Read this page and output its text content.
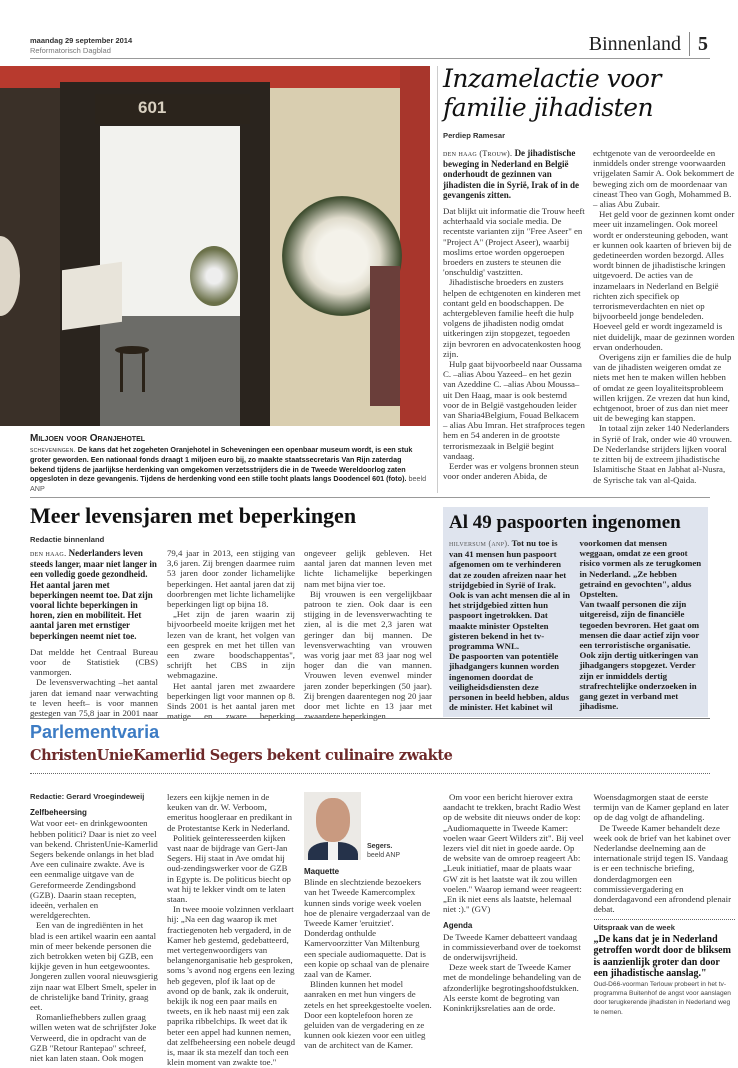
maandag 29 september 2014
Reformatorisch Dagblad	Binnenland 5
601
Miljoen voor Oranjehotel
scheveningen. De kans dat het zogeheten Oranjehotel in Scheveningen een openbaar museum wordt, is een stuk groter geworden. Een nationaal fonds draagt 1 miljoen euro bij, zo maakte staatssecretaris Van Rijn zaterdag bekend tijdens de jaarlijkse herdenking van omgekomen verzetsstrijders die in de Tweede Wereldoorlog zaten opgesloten in deze gevangenis. Tijdens de herdenking vond een stille tocht plaats langs Doodencel 601 (foto). beeld ANP
Inzamelactie voor familie jihadisten
Perdiep Ramesar

den haag (Trouw). De jihadistische beweging in Nederland en België onderhoudt de gezinnen van jihadisten die in Syrië, Irak of in de gevangenis zitten.

Dat blijkt uit informatie die Trouw heeft achterhaald via sociale media. De recentste varianten zijn "Free Aseer" en "Project A" (Project Aseer), waarbij moslims ertoe worden opgeroepen broeders en zusters te steunen die 'onschuldig' vastzitten.

Jihadistische broeders en zusters helpen de echtgenoten en kinderen met contant geld en boodschappen. De achtergebleven familie heeft die hulp volgens de jihadisten nodig omdat uitkeringen zijn stopgezet, tegoeden zijn bevroren en advocatenkosten hoog zijn.

Hulp gaat bijvoorbeeld naar Oussama C. –alias Abou Yazeed– en het gezin van Azeddine C. –alias Abou Moussa– uit Den Haag, maar is ook bestemd voor de in België vastgehouden leider van Sharia4Belgium, Fouad Belkacem – alias Abu Imran. Het strafproces tegen hem en 54 anderen in de grootste terrorismezaak in België begint vandaag.

Eerder was er volgens bronnen steun voor onder anderen Abida, de echtgenote van de veroordeelde en inmiddels onder strenge voorwaarden vrijgelaten Samir A. Ook bekommert de beweging zich om de moordenaar van cineast Theo van Gogh, Mohammed B. – alias Abu Zubair.

Het geld voor de gezinnen komt onder meer uit inzamelingen. Ook moreel wordt er ondersteuning geboden, want er kunnen ook kaarten of brieven bij de gedetineerden worden bezorgd. Alles wordt binnen de jihadistische kringen uitgevoerd. De acties van de inzamelaars in Nederland en België richten zich specifiek op terrorismeverdachten en niet op bijvoorbeeld jonge bendeleden. Hoeveel geld er wordt ingezameld is niet duidelijk, maar de gezinnen worden ervan onderhouden.

Overigens zijn er families die de hulp van de jihadisten weigeren omdat ze niets met hen te maken willen hebben of omdat ze geen loyaliteitsprobleem willen krijgen. Ze vrezen dat hun kind, echtgenoot, broer of zus dan niet meer uit de beweging kan stappen.

In totaal zijn zeker 140 Nederlanders in Syrië of Irak, onder wie 40 vrouwen. De Nederlandse strijders lijken vooral te zitten bij de extreem jihadistische Islamitische Staat en Jabhat al-Nusra, de Syrische tak van al-Qaida.

Meer levensjaren met beperkingen
Redactie binnenland

den haag. Nederlanders leven steeds langer, maar niet langer in een volledig goede gezondheid. Het aantal jaren met beperkingen neemt toe. Dat zijn vooral lichte beperkingen in horen, zien en mobiliteit. Het aantal jaren met ernstiger beperkingen neemt niet toe.

Dat meldde het Centraal Bureau voor de Statistiek (CBS) vanmorgen.

De levensverwachting –het aantal jaren dat iemand naar verwachting te leven heeft– is voor mannen gestegen van 75,8 jaar in 2001 naar 79,4 jaar in 2013, een stijging van 3,6 jaren. Zij brengen daarmee ruim 53 jaren door zonder lichamelijke beperkingen. Het aantal jaren dat zij doorbrengen met lichte lichamelijke beperkingen ligt op bijna 18.

„Het zijn de jaren waarin zij bijvoorbeeld moeite krijgen met het lezen van de krant, het volgen van een gesprek en met het tillen van een zware boodschappentas", schrijft het CBS in zijn webmagazine.

Het aantal jaren met zwaardere beperkingen ligt voor mannen op 8. Sinds 2001 is het aantal jaren met matige en zware beperking ongeveer gelijk gebleven. Het aantal jaren dat mannen leven met lichte lichamelijke beperkingen nam met bijna vier toe.

Bij vrouwen is een vergelijkbaar patroon te zien. Ook daar is een stijging in de levensverwachting te zien, al is die met 2,3 jaren wat geringer dan bij mannen. De levensverwachting van vrouwen was vorig jaar met 83 jaar nog wel hoger dan die van mannen. Vrouwen leven evenwel minder jaren zonder beperkingen (50 jaar). Zij brengen daarentegen nog 20 jaar door met lichte en 13 jaar met zwaardere beperkingen.

Al 49 paspoorten ingenomen

hilversum (anp). Tot nu toe is van 41 mensen hun paspoort afgenomen om te verhinderen dat ze zouden afreizen naar het strijdgebied in Syrië of Irak. Ook is van acht mensen die al in het strijdgebied zitten hun paspoort ingetrokken. Dat maakte minister Opstelten gisteren bekend in het tv-programma WNL.

De paspoorten van potentiële jihadgangers kunnen worden ingenomen doordat de veiligheidsdiensten deze personen in beeld hebben, aldus de minister. Het kabinet wil voorkomen dat mensen weggaan, omdat ze een groot risico vormen als ze terugkomen in Nederland. „Ze hebben getraind en gevochten", aldus Opstelten.

Van twaalf personen die zijn uitgereisd, zijn de financiële tegoeden bevroren. Het gaat om mensen die daar actief zijn voor een terroristische organisatie. Ook zijn dertig uitkeringen van jihadgangers stopgezet. Verder zijn er inmiddels dertig strafrechtelijke onderzoeken in gang gezet in verband met jihadisme.

Parlementvaria
ChristenUnieKamerlid Segers bekent culinaire zwakte
Redactie: Gerard Vroegindeweij
Zelfbeheersing

Wat voor eet- en drinkgewoonten hebben politici? Daar is niet zo veel van bekend. ChristenUnie-Kamerlid Segers bekende onlangs in het blad Ave een culinaire zwakte. Ave is een eenmalige uitgave van de Gereformeerde Zendingsbond (GZB). Daarin staan recepten, ideeën, verhalen en wereldgerechten.

Een van de ingrediënten in het blad is een artikel waarin een aantal min of meer bekende personen die zich betrokken weten bij GZB, een kijkje geven in hun eetgewoontes. Jongeren zullen vooral nieuwsgierig zijn naar wat Elbert Smelt, speler in de christelijke band Trinity, graag eet.

Romanliefhebbers zullen graag willen weten wat de schrijfster Joke Verweerd, die in opdracht van de GZB "Retour Rantepao" schreef, niet kan laten staan. Ook mogen lezers een kijkje nemen in de keuken van dr. W. Verboom, emeritus hoogleraar en predikant in de Protestantse Kerk in Nederland.

Politiek geïnteresseerden kijken vast naar de bijdrage van Gert-Jan Segers. Hij staat in Ave omdat hij oud-zendingswerker voor de GZB in Egypte is. De politicus biecht op wat hij te lekker vindt om te laten staan.

In twee mooie volzinnen verklaart hij: „Na een dag waarop ik met fractiegenoten heb vergaderd, in de Kamer heb gestemd, gedebatteerd, met vertegenwoordigers van belangenorganisatie heb gesproken, soms 's avond nog ergens een lezing heb gegeven, plof ik laat op de avond op de bank, zak ik onderuit, bekijk ik nog een paar mails en tweets, en ik heb naast mij een zak paprika ribbelchips. Ik weet dat ik beter een appel had kunnen nemen, dat zelfbeheersing een nobele deugd is, maar ik sta mezelf dan toch een klein moment van zwakte toe."

Segers.
beeld ANP
Maquette

Blinde en slechtziende bezoekers van het Tweede Kamercomplex kunnen sinds vorige week voelen hoe de plenaire vergaderzaal van de Tweede Kamer 'eruitziet'. Donderdag onthulde Kamervoorzitter Van Miltenburg een speciale audiomaquette. Dat is een kopie op schaal van de plenaire zaal van de Kamer.

Blinden kunnen het model aanraken en met hun vingers de zetels en het spreekgestoelte voelen. Door een koptelefoon horen ze geluiden van de vergadering en ze kunnen ook kiezen voor een uitleg van de architect van de Kamer.

Om voor een bericht hierover extra aandacht te trekken, bracht Radio West op de website dit nieuws onder de kop: „Audiomaquette in Tweede Kamer: voelen waar Geert Wilders zit". Bij veel lezers viel dit niet in goede aarde. Op de website van de omroep reageert Ab: „Leuk initiatief, maar de plaats waar GW zit is het laatste wat ik zou willen voelen." Waarop iemand weer reageert: „En ik niet eens als laatste, helemaal niet :)." (GV)

Agenda

De Tweede Kamer debatteert vandaag in commissieverband over de toekomst de onderwijsvrijheid.

Deze week start de Tweede Kamer met de mondelinge behandeling van de afzonderlijke begrotingshoofdstukken. Als eerste komt de begroting van Koninkrijksrelaties aan de orde. Woensdagmorgen staat de eerste termijn van de Kamer gepland en later op de dag volgt de afhandeling.

De Tweede Kamer behandelt deze week ook de brief van het kabinet over Nederlandse deelneming aan de internationale strijd tegen IS. Vandaag is er een technische briefing, donderdagmorgen een commissievergadering en donderdagavond een afrondend plenair debat.

Uitspraak van de week
„De kans dat je in Nederland getroffen wordt door de bliksem is aanzienlijk groter dan door een jihadistische aanslag."
Oud-D66-voorman Terlouw probeert in het tv-programma Buitenhof de angst voor aanslagen door terugkerende jihadisten in Nederland weg te nemen.
